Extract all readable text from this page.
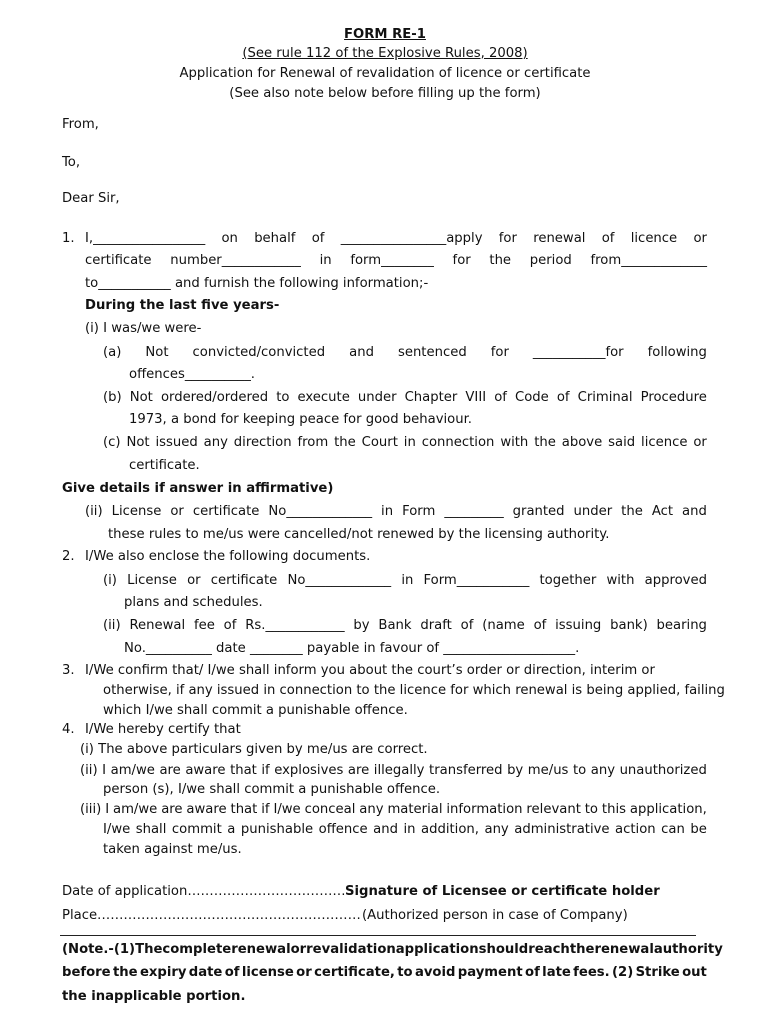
FORM RE-1
(See rule 112 of the Explosive Rules, 2008)
Application for Renewal of revalidation of licence or certificate
(See also note below before filling up the form)
From,
To,
Dear Sir,
1. I,_________________ on behalf of ________________apply for renewal of licence or
certificate number____________ in form________ for the period from_____________
to___________ and furnish the following information;-
During the last five years-
(i) I was/we were-
(a) Not convicted/convicted and sentenced for ___________for following
offences__________.
(b) Not ordered/ordered to execute under Chapter VIII of Code of Criminal Procedure
1973, a bond for keeping peace for good behaviour.
(c) Not issued any direction from the Court in connection with the above said licence or
certificate.
Give details if answer in affirmative)
(ii) License or certificate No_____________ in Form _________ granted under the Act and
these rules to me/us were cancelled/not renewed by the licensing authority.
2. I/We also enclose the following documents.
(i) License or certificate No_____________ in Form___________ together with approved
plans and schedules.
(ii) Renewal fee of Rs.____________ by Bank draft of (name of issuing bank) bearing
No.__________ date ________ payable in favour of ____________________.
3. I/We confirm that/ I/we shall inform you about the court’s order or direction, interim or
otherwise, if any issued in connection to the licence for which renewal is being applied, failing
which I/we shall commit a punishable offence.
4. I/We hereby certify that
(i) The above particulars given by me/us are correct.
(ii) I am/we are aware that if explosives are illegally transferred by me/us to any unauthorized
person (s), I/we shall commit a punishable offence.
(iii) I am/we are aware that if I/we conceal any material information relevant to this application,
I/we shall commit a punishable offence and in addition, any administrative action can be
taken against me/us.
Date of application……………………………… Signature of Licensee or certificate holder
Place…………………………………………………… (Authorized person in case of Company)
(Note.-(1) The complete renewal or revalidation application should reach the renewal authority
before the expiry date of license or certificate, to avoid payment of late fees. (2) Strike out
the inapplicable portion.
